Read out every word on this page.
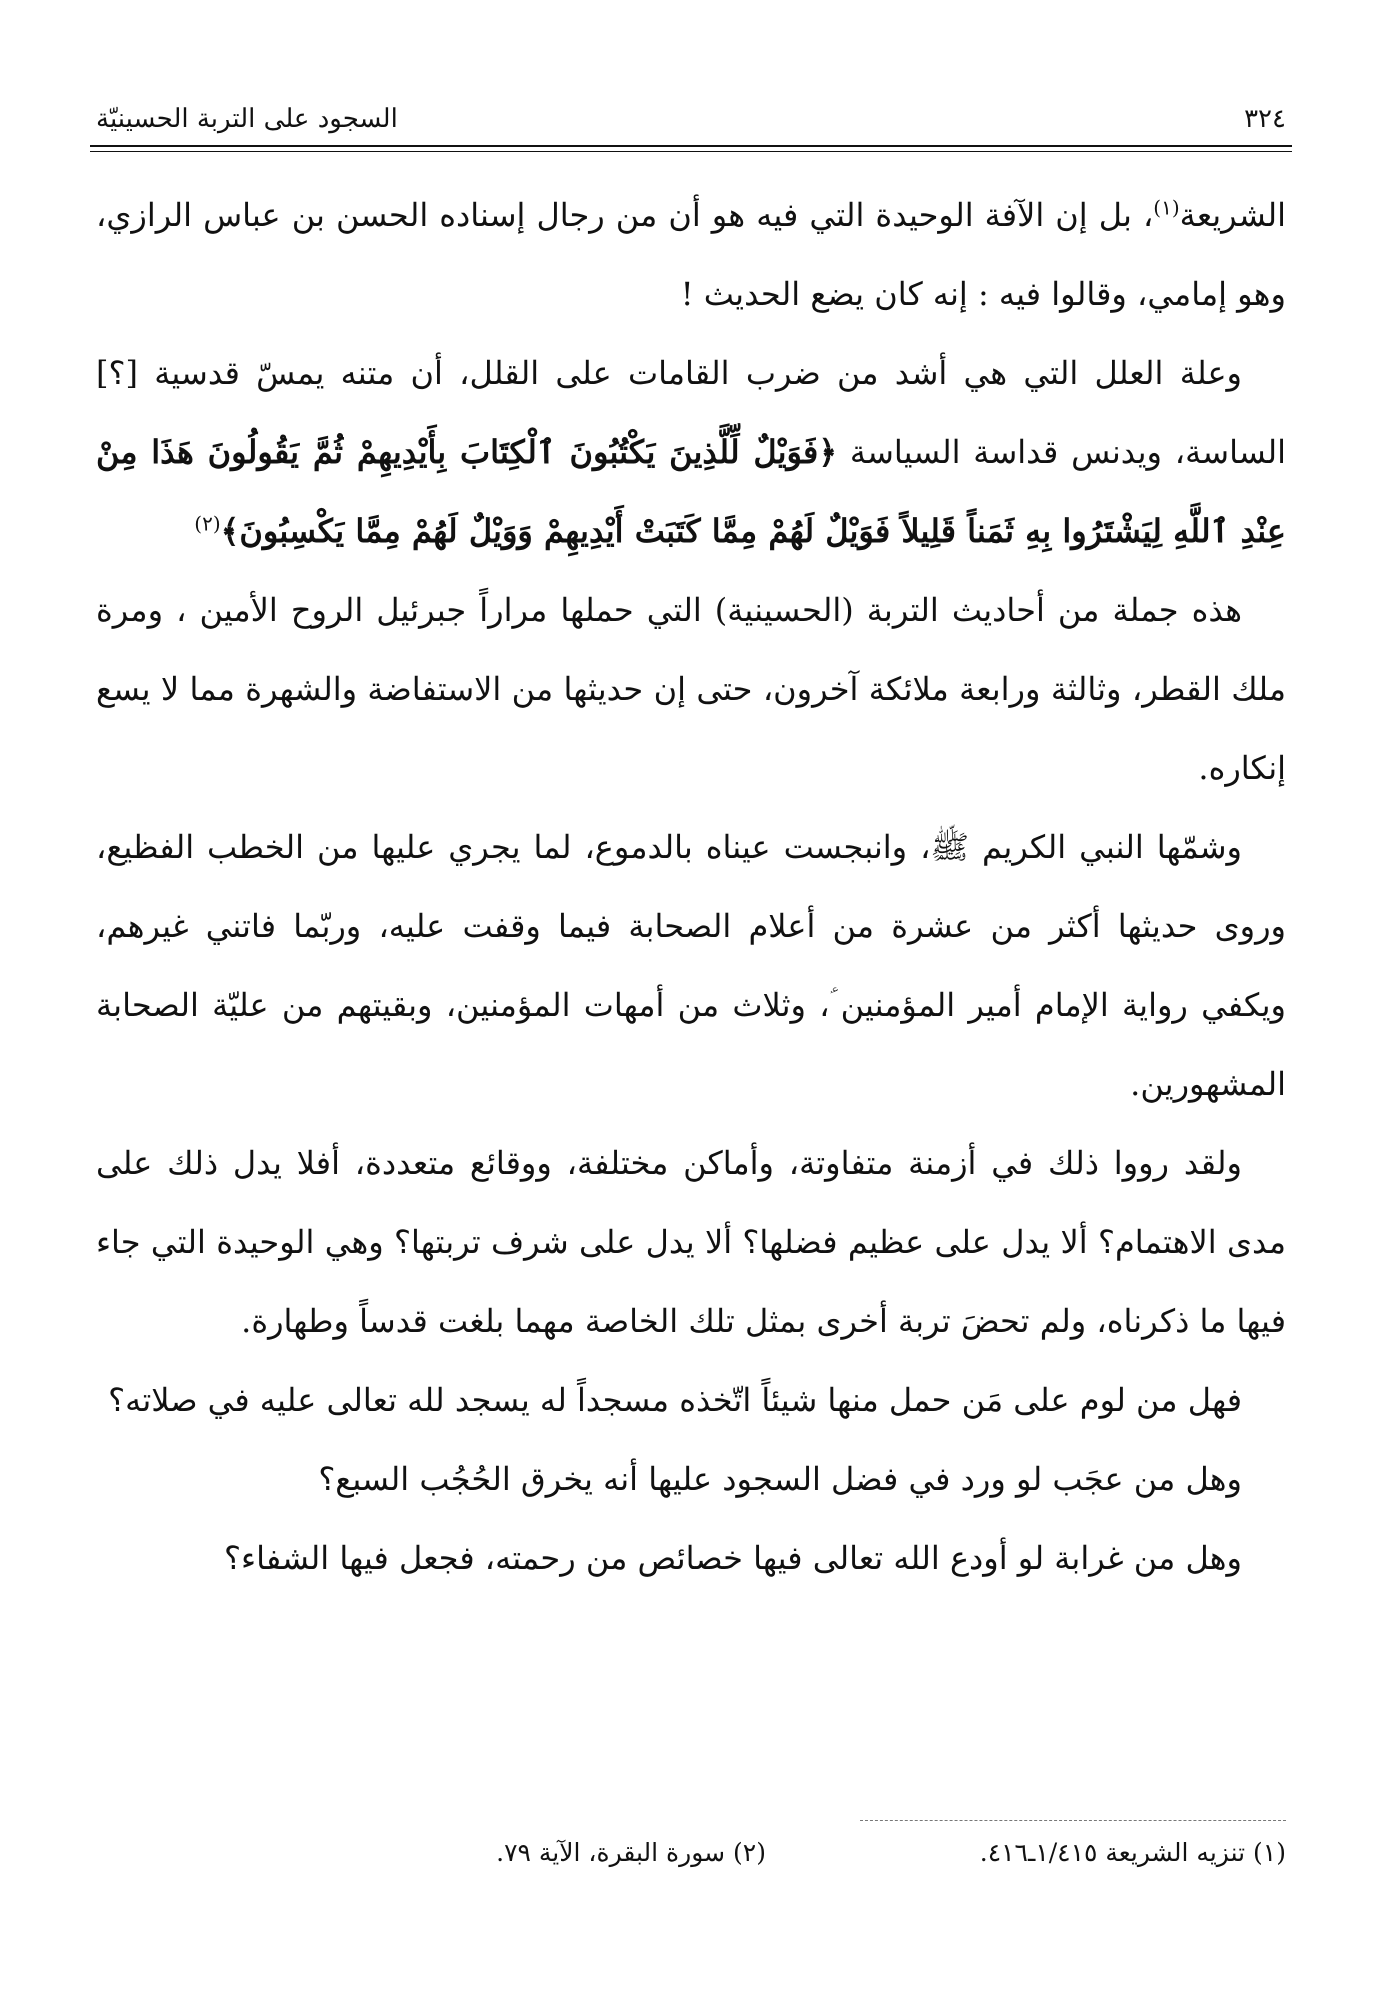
٣٢٤
السجود على التربة الحسينيّة

الشريعة$^{(١)}$، بل إن الآفة الوحيدة التي فيه هو أن من رجال إسناده الحسن بن عباس الرازي، وهو إمامي، وقالوا فيه : إنه كان يضع الحديث !

وعلة العلل التي هي أشد من ضرب القامات على القلل، أن متنه يمسّ قدسية [؟] الساسة، ويدنس قداسة السياسة ﴿فَوَيْلٌ لِّلَّذِينَ يَكْتُبُونَ ٱلْكِتَابَ بِأَيْدِيهِمْ ثُمَّ يَقُولُونَ هَذَا مِنْ عِنْدِ ٱللَّهِ لِيَشْتَرُوا بِهِ ثَمَناً قَلِيلاً فَوَيْلٌ لَهُمْ مِمَّا كَتَبَتْ أَيْدِيهِمْ وَوَيْلٌ لَهُمْ مِمَّا يَكْسِبُونَ﴾$^{(٢)}$

هذه جملة من أحاديث التربة (الحسينية) التي حملها مراراً جبرئيل الروح الأمين ، ومرة ملك القطر، وثالثة ورابعة ملائكة آخرون، حتى إن حديثها من الاستفاضة والشهرة مما لا يسع إنكاره.

وشمّها النبي الكريم ﷺ، وانبجست عيناه بالدموع، لما يجري عليها من الخطب الفظيع، وروى حديثها أكثر من عشرة من أعلام الصحابة فيما وقفت عليه، وربّما فاتني غيرهم، ويكفي رواية الإمام أمير المؤمنين ؑ، وثلاث من أمهات المؤمنين، وبقيتهم من عليّة الصحابة المشهورين.

ولقد رووا ذلك في أزمنة متفاوتة، وأماكن مختلفة، ووقائع متعددة، أفلا يدل ذلك على مدى الاهتمام؟ ألا يدل على عظيم فضلها؟ ألا يدل على شرف تربتها؟ وهي الوحيدة التي جاء فيها ما ذكرناه، ولم تحضَ تربة أخرى بمثل تلك الخاصة مهما بلغت قدساً وطهارة.

فهل من لوم على مَن حمل منها شيئاً اتّخذه مسجداً له يسجد لله تعالى عليه في صلاته؟

وهل من عجَب لو ورد في فضل السجود عليها أنه يخرق الحُجُب السبع؟

وهل من غرابة لو أودع الله تعالى فيها خصائص من رحمته، فجعل فيها الشفاء؟

(١) تنزيه الشريعة ١/٤١٥ـ٤١٦.
(٢) سورة البقرة، الآية ٧٩.
